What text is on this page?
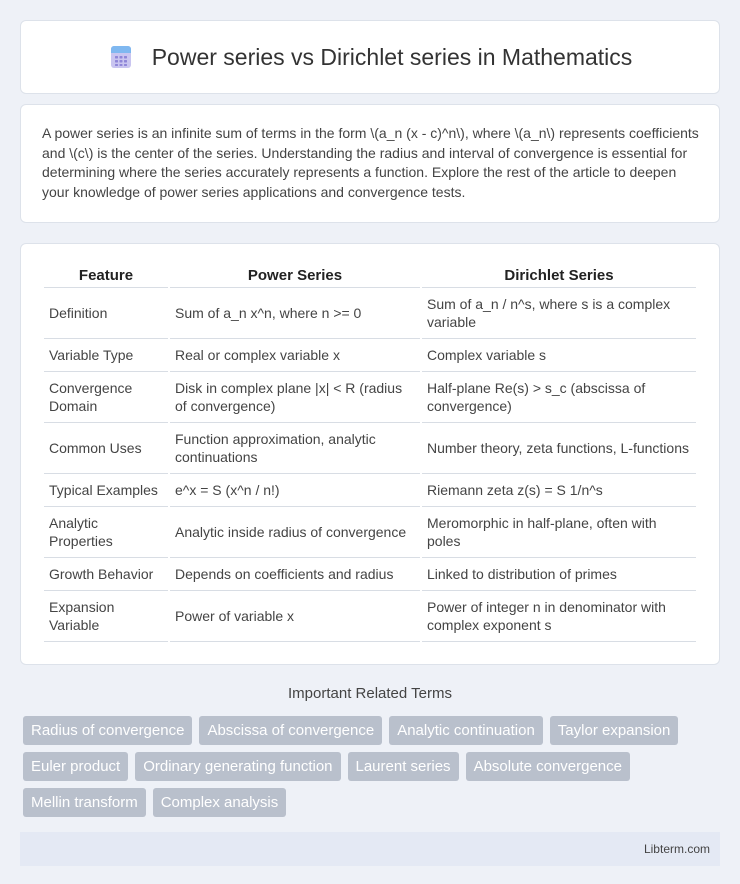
Power series vs Dirichlet series in Mathematics
A power series is an infinite sum of terms in the form \(a_n (x - c)^n\), where \(a_n\) represents coefficients and \(c\) is the center of the series. Understanding the radius and interval of convergence is essential for determining where the series accurately represents a function. Explore the rest of the article to deepen your knowledge of power series applications and convergence tests.
Feature	Power Series	Dirichlet Series
Definition	Sum of a_n x^n, where n >= 0	Sum of a_n / n^s, where s is a complex variable
Variable Type	Real or complex variable x	Complex variable s
Convergence Domain	Disk in complex plane |x| < R (radius of convergence)	Half-plane Re(s) > s_c (abscissa of convergence)
Common Uses	Function approximation, analytic continuations	Number theory, zeta functions, L-functions
Typical Examples	e^x = S (x^n / n!)	Riemann zeta z(s) = S 1/n^s
Analytic Properties	Analytic inside radius of convergence	Meromorphic in half-plane, often with poles
Growth Behavior	Depends on coefficients and radius	Linked to distribution of primes
Expansion Variable	Power of variable x	Power of integer n in denominator with complex exponent s
Important Related Terms
Radius of convergence	Abscissa of convergence	Analytic continuation	Taylor expansion
Euler product	Ordinary generating function	Laurent series	Absolute convergence
Mellin transform	Complex analysis
Libterm.com
